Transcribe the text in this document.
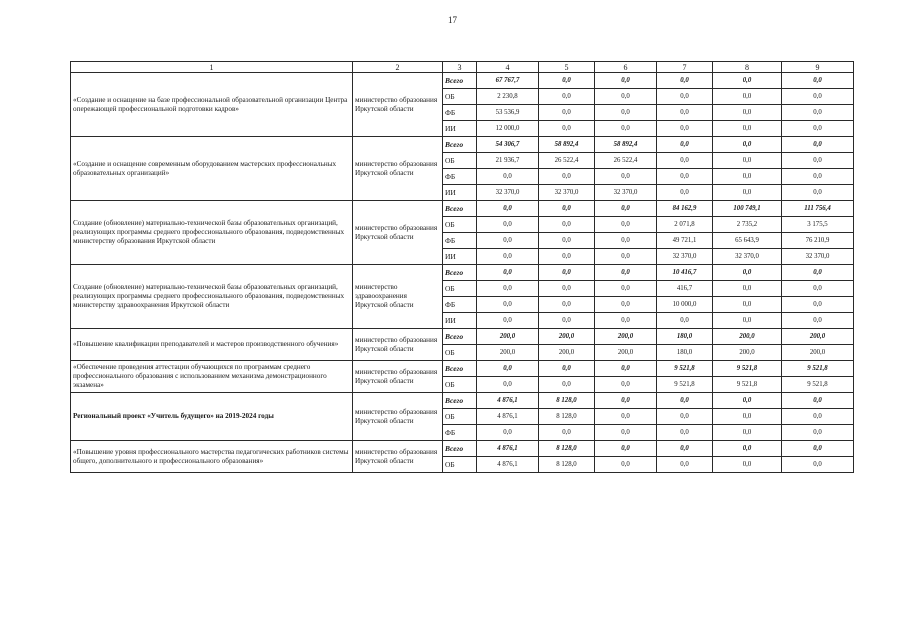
17
1	2	3	4	5	6	7	8	9
«Создание и оснащение на базе профессиональной образовательной организации Центра опережающей профессиональной подготовки кадров»	министерство образования Иркутской области	Всего	67 767,7	0,0	0,0	0,0	0,0	0,0
		ОБ	2 230,8	0,0	0,0	0,0	0,0	0,0
		ФБ	53 536,9	0,0	0,0	0,0	0,0	0,0
		ИИ	12 000,0	0,0	0,0	0,0	0,0	0,0
«Создание и оснащение современным оборудованием мастерских профессиональных образовательных организаций»	министерство образования Иркутской области	Всего	54 306,7	58 892,4	58 892,4	0,0	0,0	0,0
		ОБ	21 936,7	26 522,4	26 522,4	0,0	0,0	0,0
		ФБ	0,0	0,0	0,0	0,0	0,0	0,0
		ИИ	32 370,0	32 370,0	32 370,0	0,0	0,0	0,0
Создание (обновление) материально-технической базы образовательных организаций, реализующих программы среднего профессионального образования, подведомственных министерству образования Иркутской области	министерство образования Иркутской области	Всего	0,0	0,0	0,0	84 162,9	100 749,1	111 756,4
		ОБ	0,0	0,0	0,0	2 071,8	2 735,2	3 175,5
		ФБ	0,0	0,0	0,0	49 721,1	65 643,9	76 210,9
		ИИ	0,0	0,0	0,0	32 370,0	32 370,0	32 370,0
Создание (обновление) материально-технической базы образовательных организаций, реализующих программы среднего профессионального образования, подведомственных министерству здравоохранения Иркутской области	министерство здравоохранения Иркутской области	Всего	0,0	0,0	0,0	10 416,7	0,0	0,0
		ОБ	0,0	0,0	0,0	416,7	0,0	0,0
		ФБ	0,0	0,0	0,0	10 000,0	0,0	0,0
		ИИ	0,0	0,0	0,0	0,0	0,0	0,0
«Повышение квалификации преподавателей и мастеров производственного обучения»	министерство образования Иркутской области	Всего	200,0	200,0	200,0	180,0	200,0	200,0
		ОБ	200,0	200,0	200,0	180,0	200,0	200,0
«Обеспечение проведения аттестации обучающихся по программам среднего профессионального образования с использованием механизма демонстрационного экзамена»	министерство образования Иркутской области	Всего	0,0	0,0	0,0	9 521,8	9 521,8	9 521,8
		ОБ	0,0	0,0	0,0	9 521,8	9 521,8	9 521,8
Региональный проект «Учитель будущего» на 2019-2024 годы	министерство образования Иркутской области	Всего	4 876,1	8 128,0	0,0	0,0	0,0	0,0
		ОБ	4 876,1	8 128,0	0,0	0,0	0,0	0,0
		ФБ	0,0	0,0	0,0	0,0	0,0	0,0
«Повышение уровня профессионального мастерства педагогических работников системы общего, дополнительного и профессионального образования»	министерство образования Иркутской области	Всего	4 876,1	8 128,0	0,0	0,0	0,0	0,0
		ОБ	4 876,1	8 128,0	0,0	0,0	0,0	0,0
